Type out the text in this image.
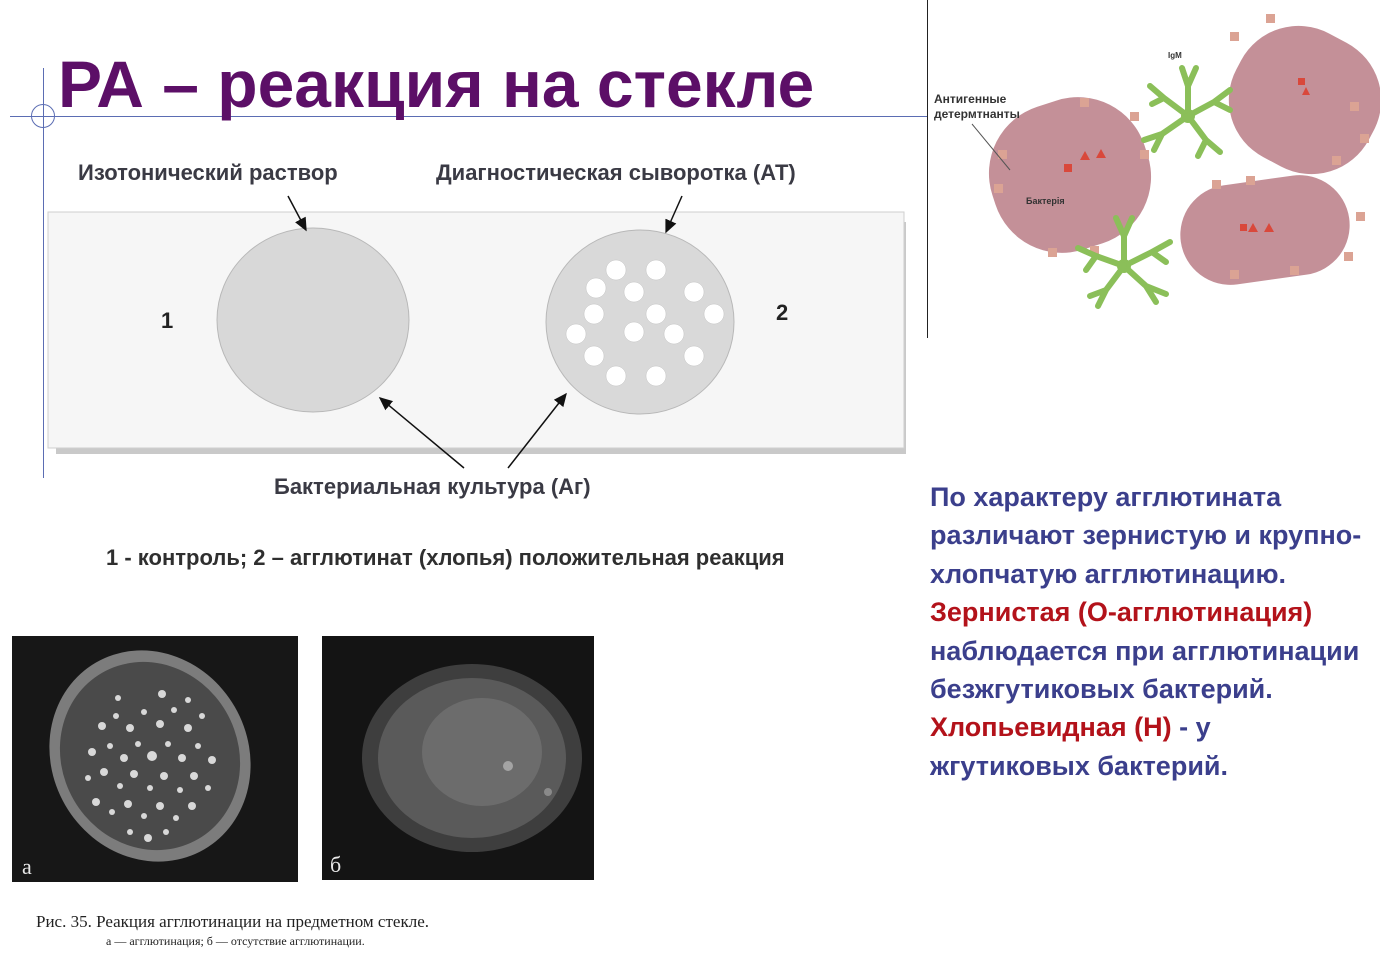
РА – реакция на стекле
Изотонический раствор	Диагностическая сыворотка (АТ)
Бактериальная культура (Аг)
1	2
1 - контроль; 2 – агглютинат (хлопья) положительная реакция
Антигенные детермтнанты
IgM
Бактерія
а	б
Рис. 35. Реакция агглютинации на предметном стекле.
а — агглютинация; б — отсутствие агглютинации.
По характеру агглютината различают зернистую и крупно-хлопчатую агглютинацию.
Зернистая (О-агглютинация)
наблюдается при агглютинации безжгутиковых бактерий.
Хлопьевидная (Н) - у жгутиковых бактерий.
